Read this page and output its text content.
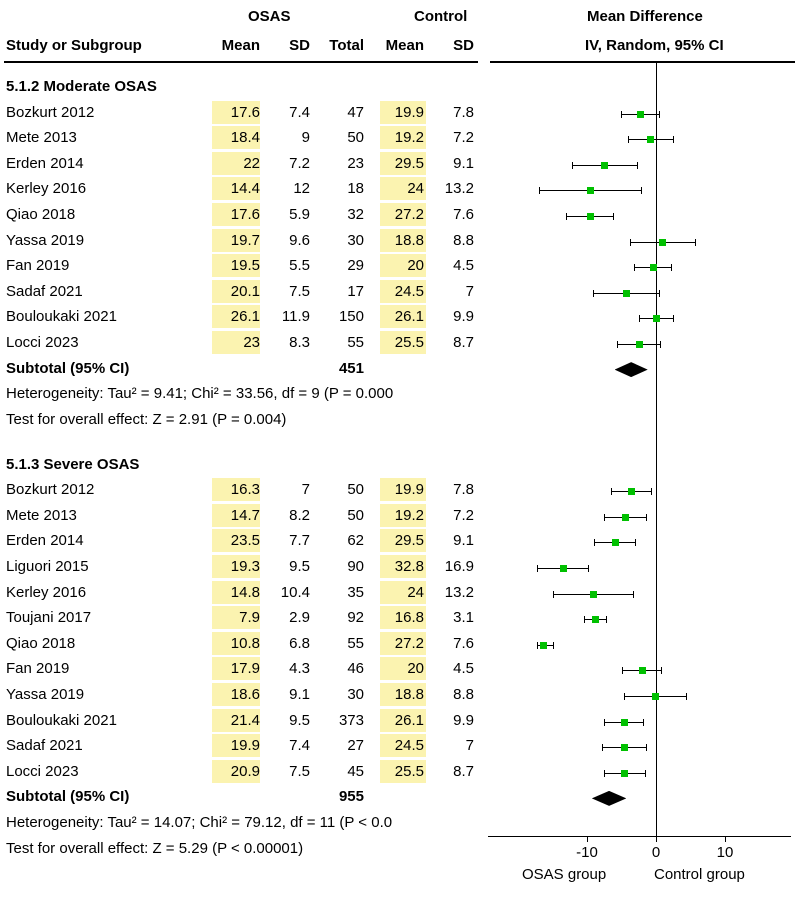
OSAS	Control	Mean Difference
Study or Subgroup	Mean	SD	Total	Mean	SD	IV, Random, 95% CI
-10	0	10
OSAS group	Control group
5.1.2 Moderate OSAS
Bozkurt 2012	17.6	7.4	47	19.9	7.8
Mete 2013	18.4	9	50	19.2	7.2
Erden 2014	22	7.2	23	29.5	9.1
Kerley 2016	14.4	12	18	24	13.2
Qiao 2018	17.6	5.9	32	27.2	7.6
Yassa 2019	19.7	9.6	30	18.8	8.8
Fan 2019	19.5	5.5	29	20	4.5
Sadaf 2021	20.1	7.5	17	24.5	7
Bouloukaki 2021	26.1	11.9	150	26.1	9.9
Locci 2023	23	8.3	55	25.5	8.7
Subtotal (95% CI)	451
Heterogeneity: Tau² = 9.41; Chi² = 33.56, df = 9 (P = 0.000
Test for overall effect: Z = 2.91 (P = 0.004)
5.1.3 Severe OSAS
Bozkurt 2012	16.3	7	50	19.9	7.8
Mete 2013	14.7	8.2	50	19.2	7.2
Erden 2014	23.5	7.7	62	29.5	9.1
Liguori 2015	19.3	9.5	90	32.8	16.9
Kerley 2016	14.8	10.4	35	24	13.2
Toujani 2017	7.9	2.9	92	16.8	3.1
Qiao 2018	10.8	6.8	55	27.2	7.6
Fan 2019	17.9	4.3	46	20	4.5
Yassa 2019	18.6	9.1	30	18.8	8.8
Bouloukaki 2021	21.4	9.5	373	26.1	9.9
Sadaf 2021	19.9	7.4	27	24.5	7
Locci 2023	20.9	7.5	45	25.5	8.7
Subtotal (95% CI)	955
Heterogeneity: Tau² = 14.07; Chi² = 79.12, df = 11 (P < 0.0
Test for overall effect: Z = 5.29 (P < 0.00001)
